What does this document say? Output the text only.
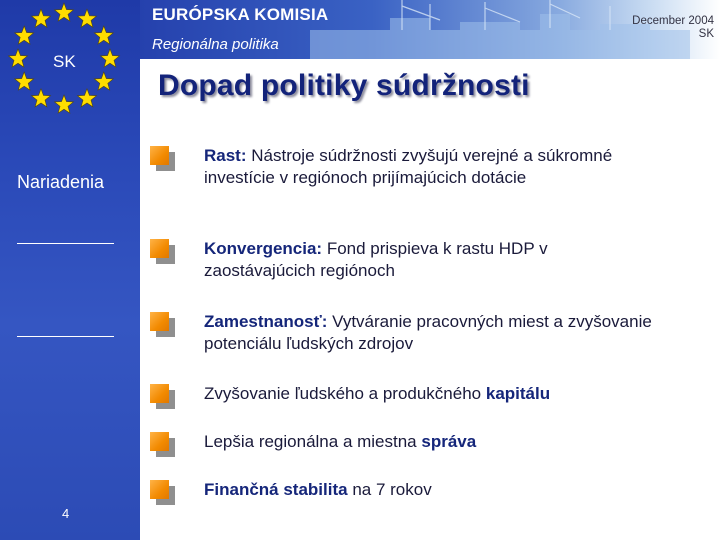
SK
Nariadenia
4
EURÓPSKA KOMISIA
Regionálna politika
December 2004
SK
Dopad politiky súdržnosti
Rast: Nástroje súdržnosti zvyšujú verejné a súkromné investície v regiónoch prijímajúcich dotácie
Konvergencia: Fond prispieva k rastu HDP v zaostávajúcich regiónoch
Zamestnanosť: Vytváranie pracovných miest a zvyšovanie potenciálu ľudských zdrojov
Zvyšovanie ľudského a produkčného kapitálu
Lepšia regionálna a miestna správa
Finančná stabilita na 7 rokov
